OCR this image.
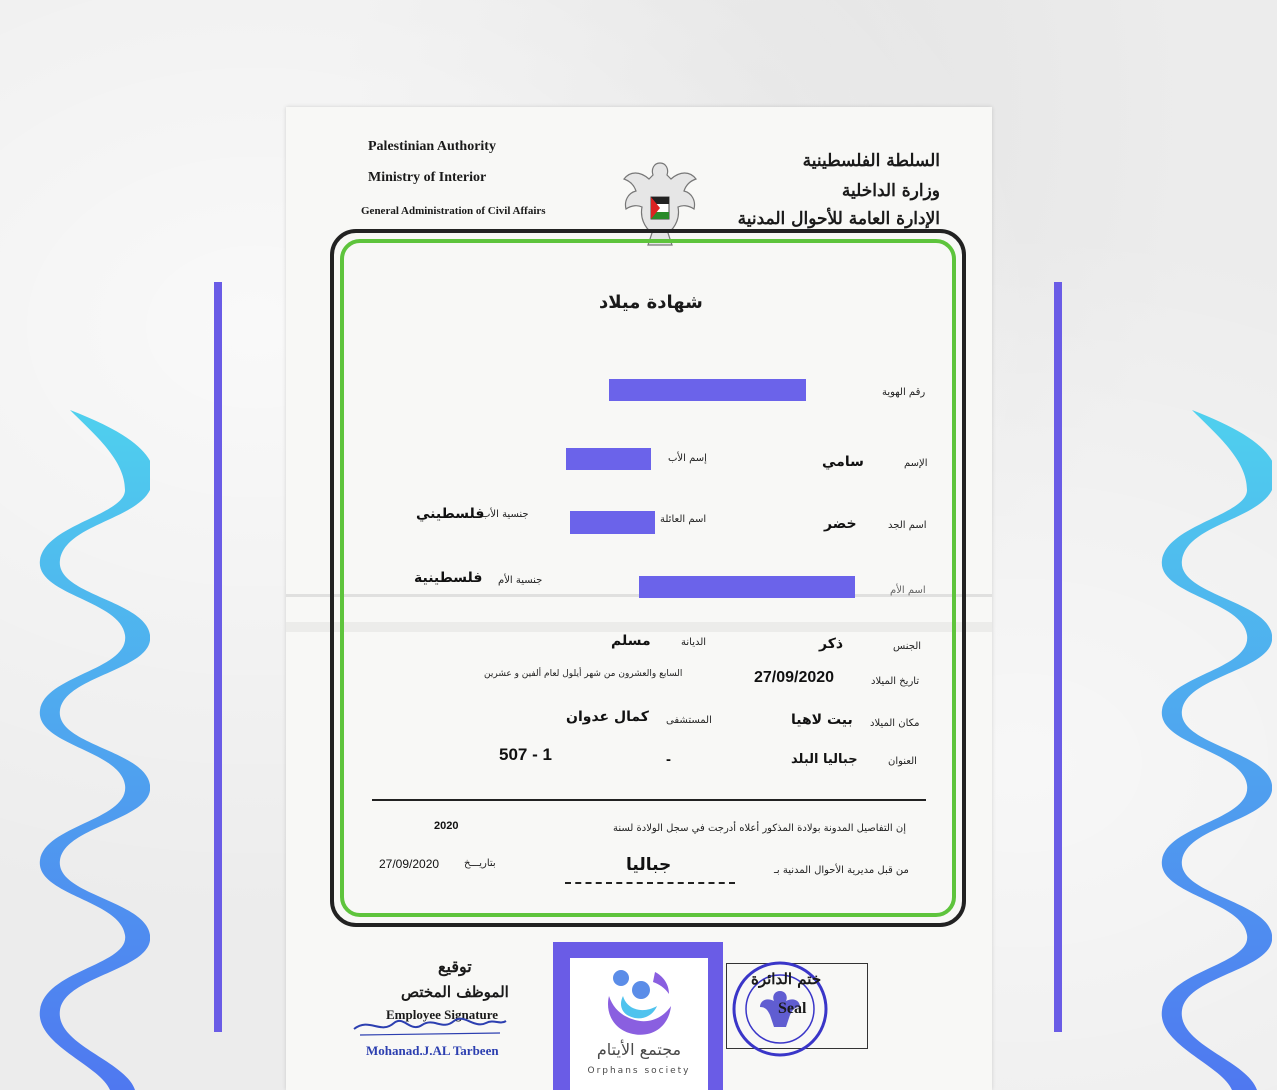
Palestinian Authority
Ministry of Interior
General Administration of Civil Affairs
السلطة الفلسطينية
وزارة الداخلية
الإدارة العامة للأحوال المدنية
شهادة ميلاد
رقم الهوية
الإسم
سامي
إسم الأب
اسم الجد
خضر
اسم العائلة
جنسية الأب
فلسطيني
اسم الأم
جنسية الأم
فلسطينية
الجنس
ذكر
الديانة
مسلم
تاريخ الميلاد
27/09/2020
السابع والعشرون من شهر أيلول لعام ألفين و عشرين
مكان الميلاد
بيت لاهيا
المستشفى
كمال عدوان
العنوان
جباليا البلد
-
507 - 1
إن التفاصيل المدونة بولادة المذكور أعلاه أدرجت في سجل الولادة لسنة
2020
من قبل مديرية الأحوال المدنية بـ
جباليا
بتاريـــخ
27/09/2020
توقيع
الموظف المختص
Employee Signature
Mohanad.J.AL Tarbeen
ختم الدائرة
Seal
مجتمع الأيتام
Orphans society
